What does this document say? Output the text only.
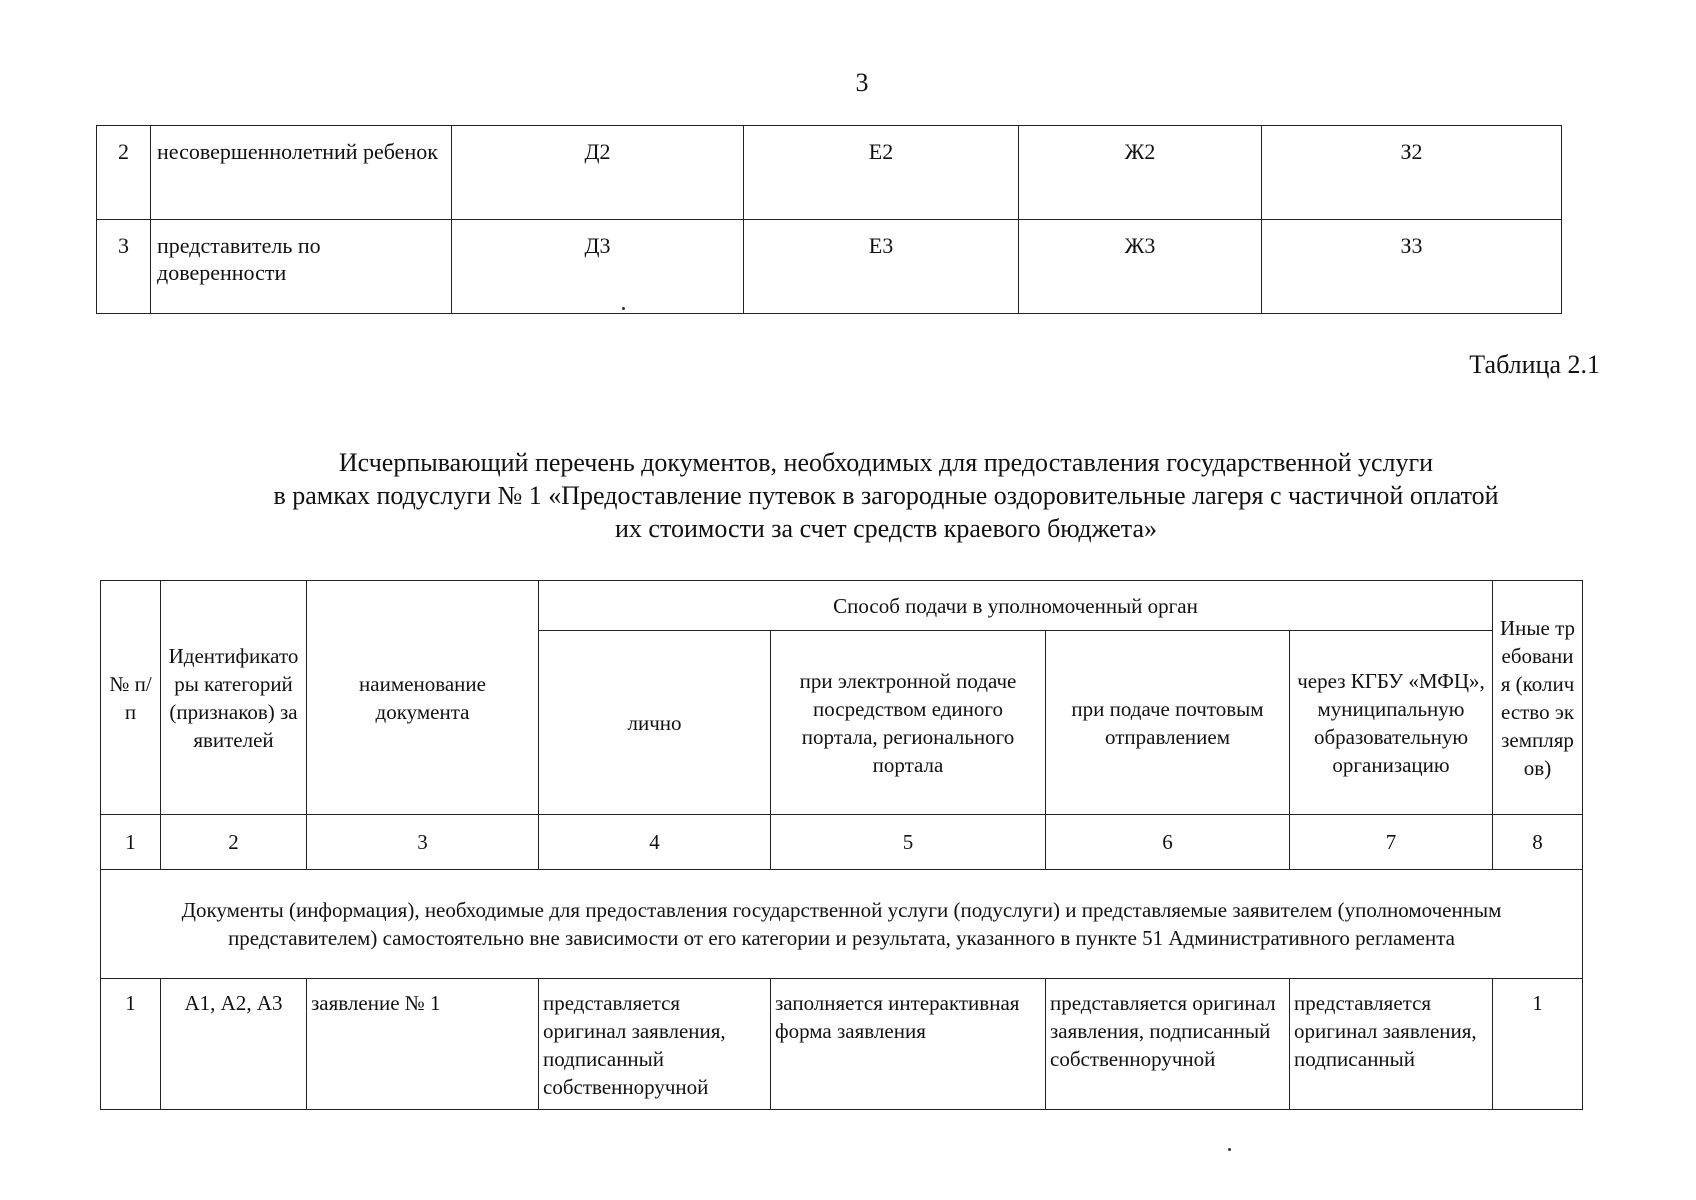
3
2	несовершеннолетний ребенок	Д2	Е2	Ж2	З2
3	представитель по доверенности	Д3	Е3	Ж3	З3
Таблица 2.1
Исчерпывающий перечень документов, необходимых для предоставления государственной услуги
в рамках подуслуги № 1 «Предоставление путевок в загородные оздоровительные лагеря с частичной оплатой
их стоимости за счет средств краевого бюджета»
№ п/п	Идентификаторы категорий (признаков) заявителей	наименование документа	Способ подачи в уполномоченный орган				Иные требования (количество экземпляров)
			лично	при электронной подаче посредством единого портала, регионального портала	при подаче почтовым отправлением	через КГБУ «МФЦ», муниципальную образовательную организацию	
1	2	3	4	5	6	7	8
Документы (информация), необходимые для предоставления государственной услуги (подуслуги) и представляемые заявителем (уполномоченным представителем) самостоятельно вне зависимости от его категории и результата, указанного в пункте 51 Административного регламента							
1	А1, А2, А3	заявление № 1	представляется оригинал заявления, подписанный собственноручной	заполняется интерактивная форма заявления	представляется оригинал заявления, подписанный собственноручной	представляется оригинал заявления, подписанный	1
